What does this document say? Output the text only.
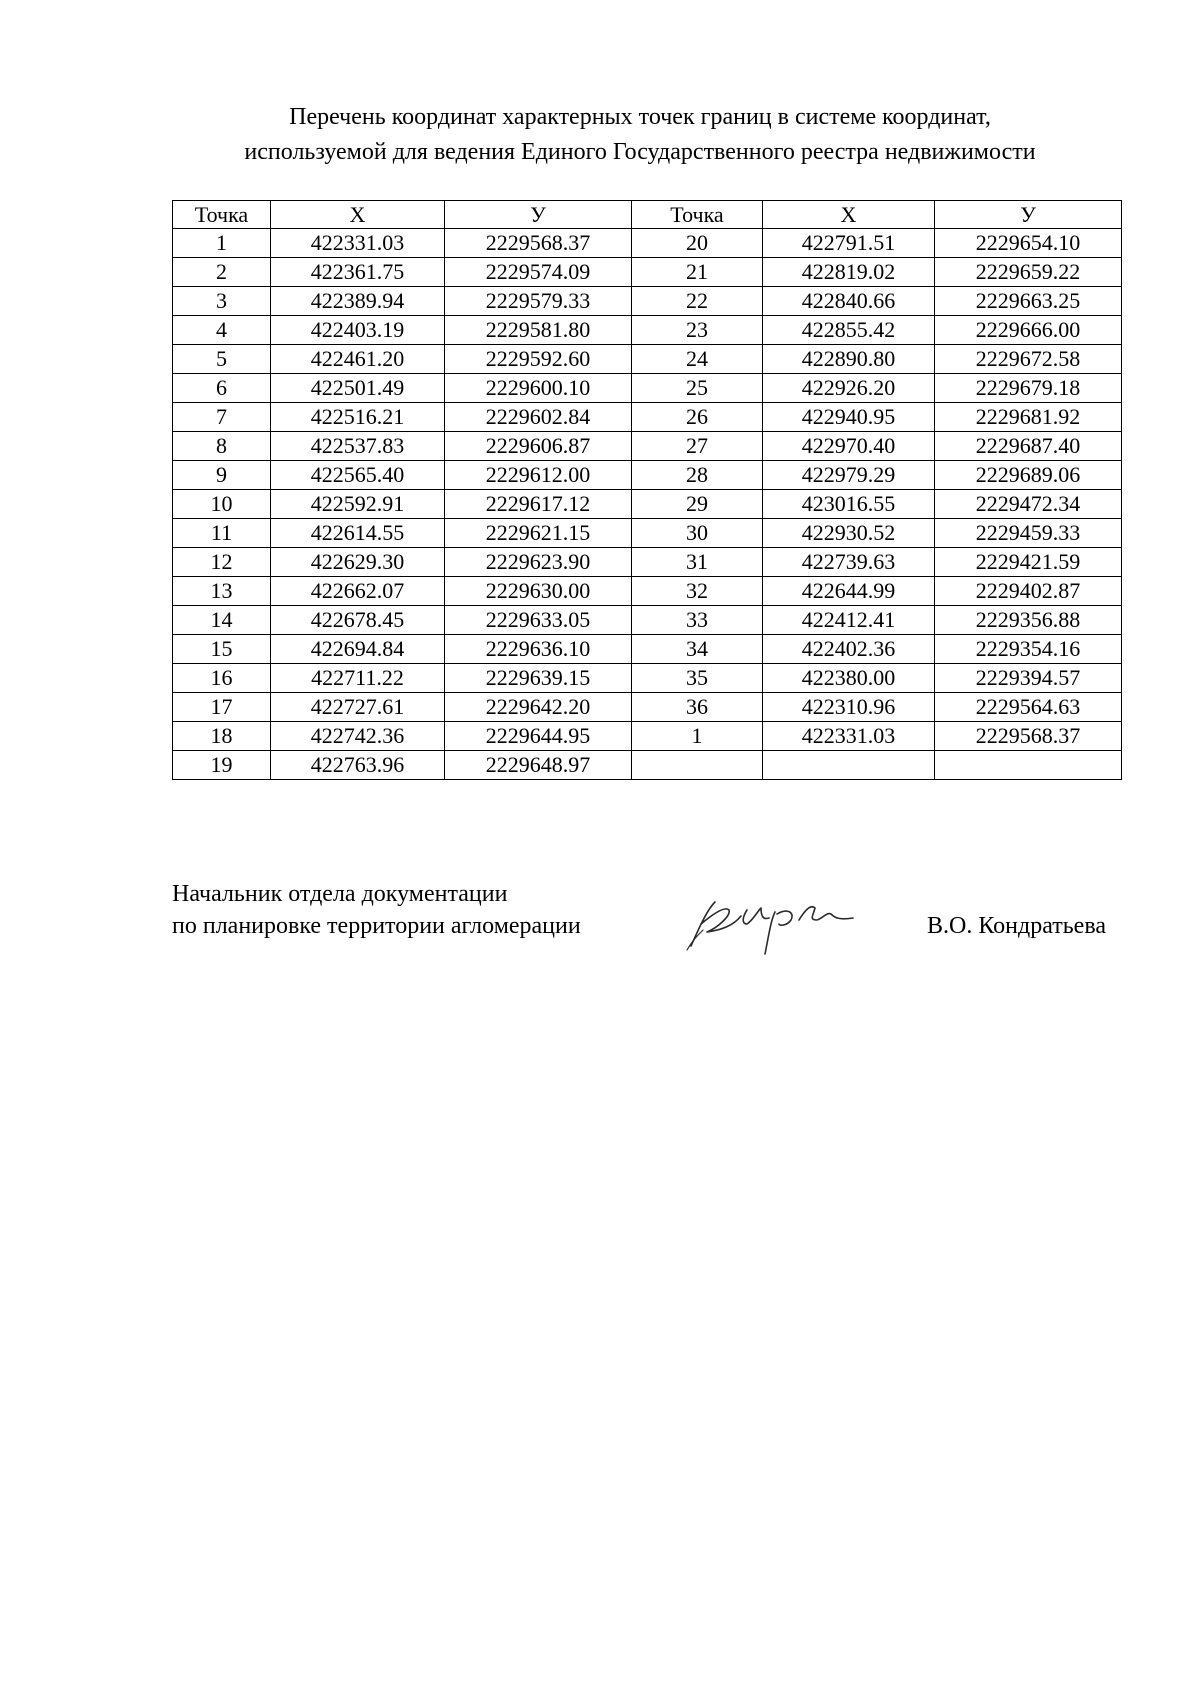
Перечень координат характерных точек границ в системе координат,
используемой для ведения Единого Государственного реестра недвижимости
Точка	X	У	Точка	X	У
1	422331.03	2229568.37	20	422791.51	2229654.10
2	422361.75	2229574.09	21	422819.02	2229659.22
3	422389.94	2229579.33	22	422840.66	2229663.25
4	422403.19	2229581.80	23	422855.42	2229666.00
5	422461.20	2229592.60	24	422890.80	2229672.58
6	422501.49	2229600.10	25	422926.20	2229679.18
7	422516.21	2229602.84	26	422940.95	2229681.92
8	422537.83	2229606.87	27	422970.40	2229687.40
9	422565.40	2229612.00	28	422979.29	2229689.06
10	422592.91	2229617.12	29	423016.55	2229472.34
11	422614.55	2229621.15	30	422930.52	2229459.33
12	422629.30	2229623.90	31	422739.63	2229421.59
13	422662.07	2229630.00	32	422644.99	2229402.87
14	422678.45	2229633.05	33	422412.41	2229356.88
15	422694.84	2229636.10	34	422402.36	2229354.16
16	422711.22	2229639.15	35	422380.00	2229394.57
17	422727.61	2229642.20	36	422310.96	2229564.63
18	422742.36	2229644.95	1	422331.03	2229568.37
19	422763.96	2229648.97			
Начальник отдела документации
по планировке территории агломерации	В.О. Кондратьева
